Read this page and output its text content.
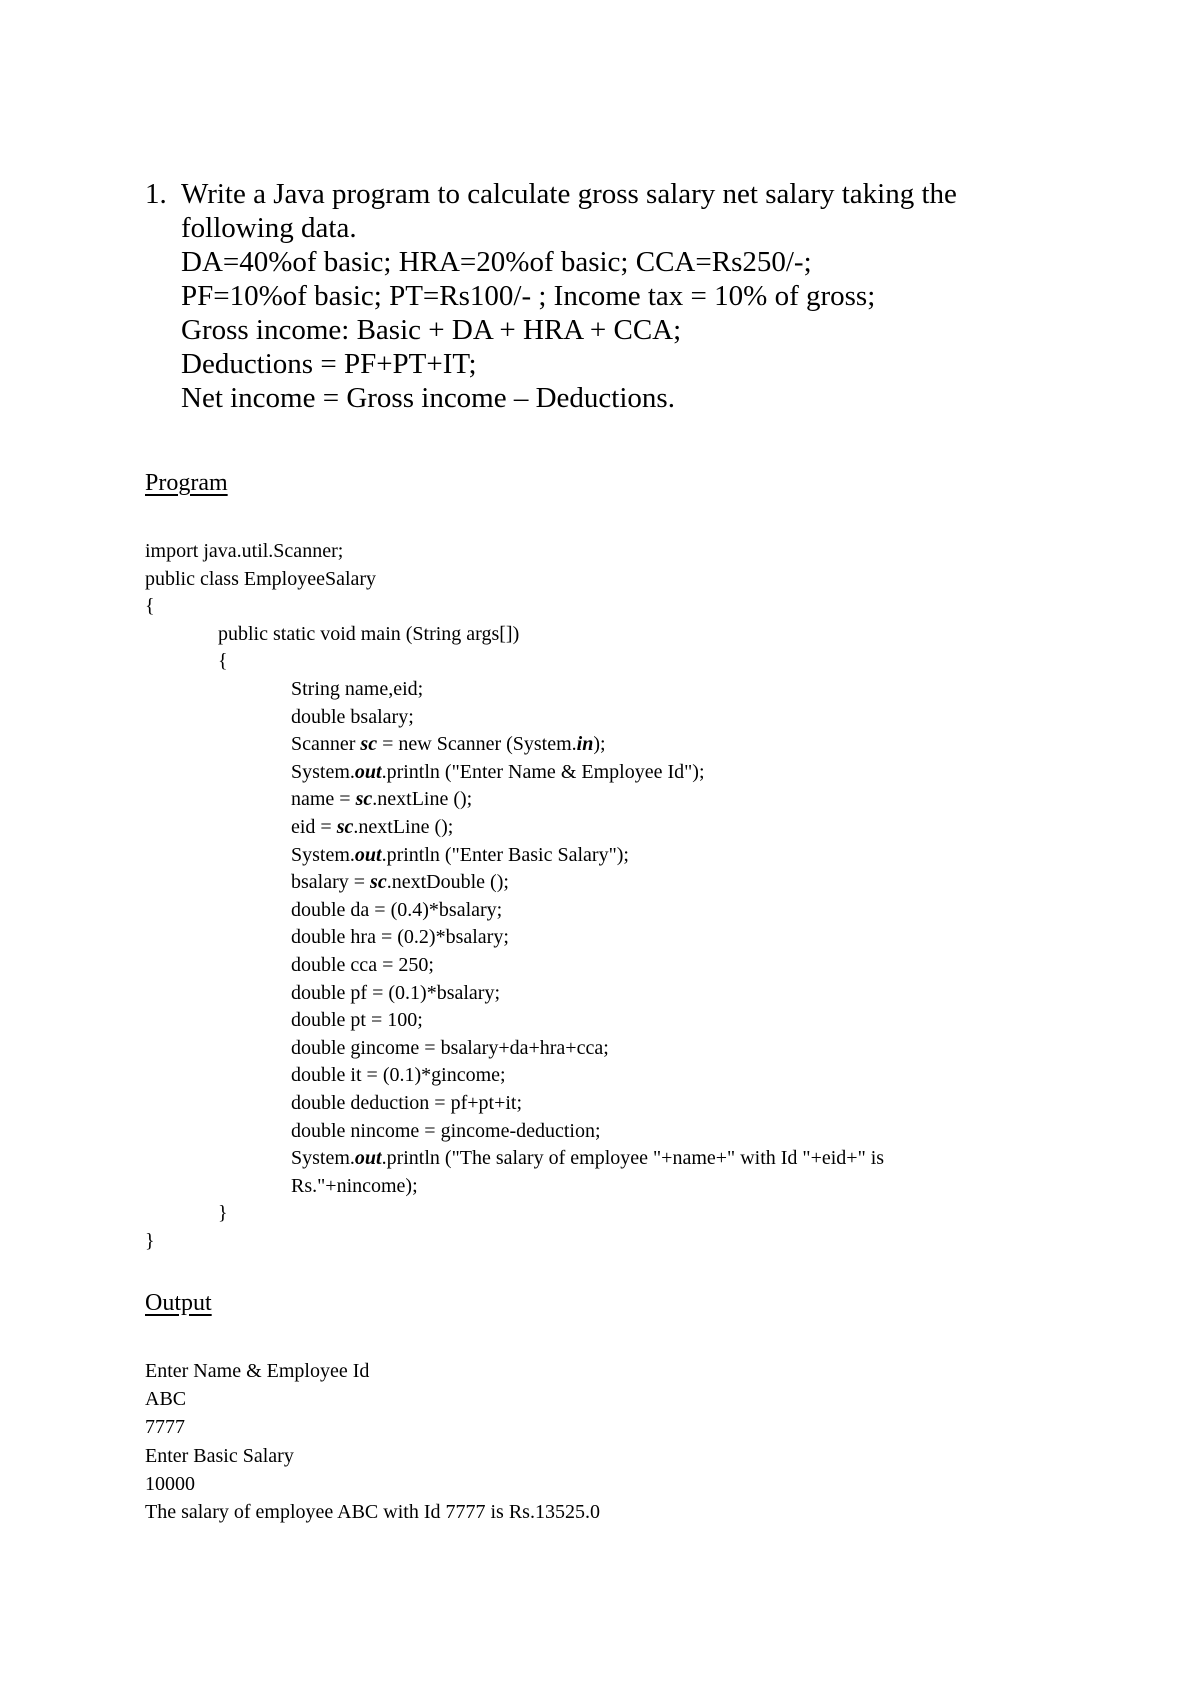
1. Write a Java program to calculate gross salary net salary taking the
following data.
DA=40%of basic; HRA=20%of basic; CCA=Rs250/-;
PF=10%of basic; PT=Rs100/- ; Income tax = 10% of gross;
Gross income: Basic + DA + HRA + CCA;
Deductions = PF+PT+IT;
Net income = Gross income – Deductions.
Program
import java.util.Scanner;
public class EmployeeSalary
{
public static void main (String args[])
{
String name,eid;
double bsalary;
Scanner sc = new Scanner (System.in);
System.out.println ("Enter Name & Employee Id");
name = sc.nextLine ();
eid = sc.nextLine ();
System.out.println ("Enter Basic Salary");
bsalary = sc.nextDouble ();
double da = (0.4)*bsalary;
double hra = (0.2)*bsalary;
double cca = 250;
double pf = (0.1)*bsalary;
double pt = 100;
double gincome = bsalary+da+hra+cca;
double it = (0.1)*gincome;
double deduction = pf+pt+it;
double nincome = gincome-deduction;
System.out.println ("The salary of employee "+name+" with Id "+eid+" is
Rs."+nincome);
}
}
Output
Enter Name & Employee Id
ABC
7777
Enter Basic Salary
10000
The salary of employee ABC with Id 7777 is Rs.13525.0
